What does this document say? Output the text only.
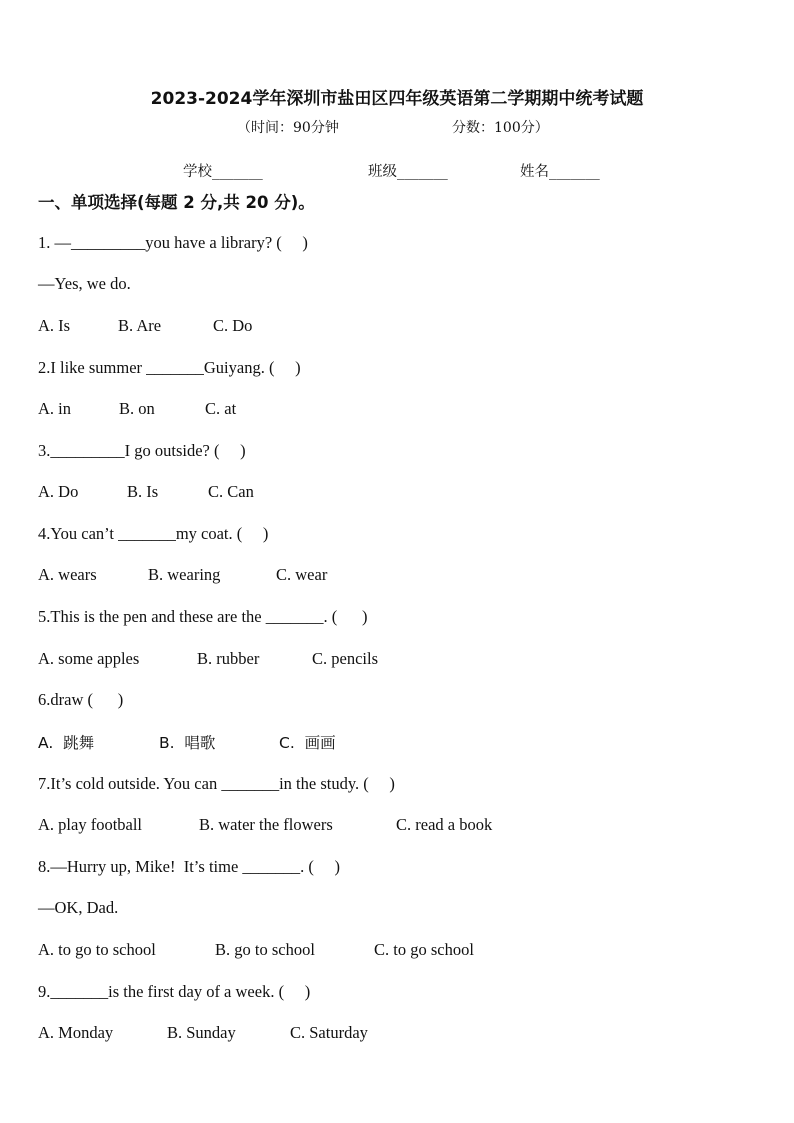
2023-2024学年深圳市盐田区四年级英语第二学期期中统考试题
（时间：90分钟	分数：100分）
学校_______	班级_______	姓名_______
一、单项选择(每题 2 分,共 20 分)。
1. —_________you have a library? (     )
—Yes, we do.
A. Is	B. Are	C. Do
2.I like summer _______Guiyang. (     )
A. in	B. on	C. at
3._________I go outside? (     )
A. Do	B. Is	C. Can
4.You can’t _______my coat. (     )
A. wears	B. wearing	C. wear
5.This is the pen and these are the _______. (      )
A. some apples	B. rubber	C. pencils
6.draw (      )
A.  跳舞	B.  唱歌	C.  画画
7.It’s cold outside. You can _______in the study. (     )
A. play football	B. water the flowers	C. read a book
8.—Hurry up, Mike!  It’s time _______. (     )
—OK, Dad.
A. to go to school	B. go to school	C. to go school
9._______is the first day of a week. (     )
A. Monday	B. Sunday	C. Saturday
